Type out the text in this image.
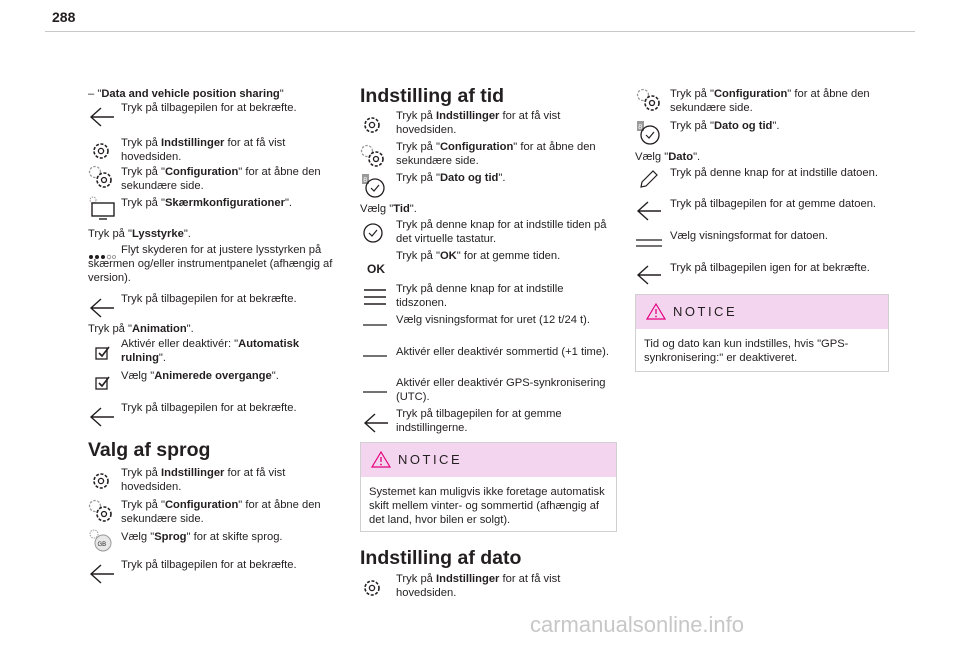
288
– "Data and vehicle position sharing"
Tryk på tilbagepilen for at bekræfte.
Tryk på Indstillinger for at få vist hovedsiden.
Tryk på "Configuration" for at åbne den sekundære side.
Tryk på "Skærmkonfigurationer".
Tryk på "Lysstyrke".
Flyt skyderen for at justere lysstyrken på skærmen og/eller instrumentpanelet (afhængig af version).
Tryk på tilbagepilen for at bekræfte.
Tryk på "Animation".
Aktivér eller deaktivér: "Automatisk rulning".
Vælg "Animerede overgange".
Tryk på tilbagepilen for at bekræfte.
Valg af sprog
Tryk på Indstillinger for at få vist hovedsiden.
Tryk på "Configuration" for at åbne den sekundære side.
GB
Vælg "Sprog" for at skifte sprog.
Tryk på tilbagepilen for at bekræfte.
Indstilling af tid
Tryk på Indstillinger for at få vist hovedsiden.
Tryk på "Configuration" for at åbne den sekundære side.
8	Tryk på "Dato og tid".
Vælg "Tid".
Tryk på denne knap for at indstille tiden på det virtuelle tastatur.
OK
Tryk på "OK" for at gemme tiden.
Tryk på denne knap for at indstille tidszonen.
Vælg visningsformat for uret (12 t/24 t).
Aktivér eller deaktivér sommertid (+1 time).
Aktivér eller deaktivér GPS-synkronisering (UTC).
Tryk på tilbagepilen for at gemme indstillingerne.
NOTICE
Systemet kan muligvis ikke foretage automatisk skift mellem vinter- og sommertid (afhængig af det land, hvor bilen er solgt).
Indstilling af dato
Tryk på Indstillinger for at få vist hovedsiden.
Tryk på "Configuration" for at åbne den sekundære side.
8 Tryk på "Dato og tid".
Vælg "Dato".
Tryk på denne knap for at indstille datoen.
Tryk på tilbagepilen for at gemme datoen.
Vælg visningsformat for datoen.
Tryk på tilbagepilen igen for at bekræfte.
NOTICE
Tid og dato kan kun indstilles, hvis "GPS-synkronisering:" er deaktiveret.
carmanualsonline.info
